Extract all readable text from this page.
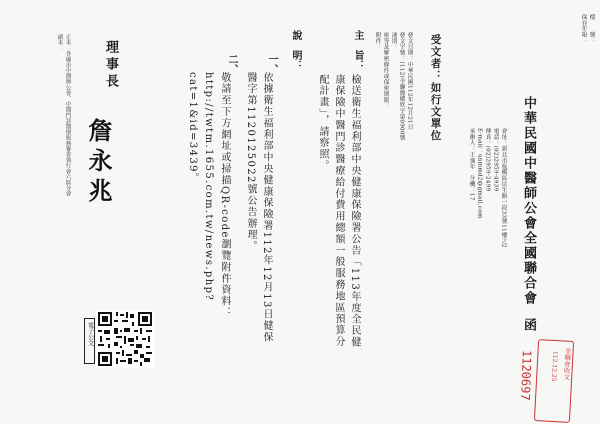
檔　　號：
保存年限：
全聯會收文
112.12.25
1120697
中華民國中醫師公會全國聯合會
函
會址：新北市板橋區民生路一段33號11樓之2
電話：(02)2959-4939
傳真：(02)2959-2499
E-mail：unmmd2@gmail.com
承辦人：王逸年　分機：17
受文者：如行文單位
發文日期：中華民國112年12月21日
發文字號：(112)全聯醫總欣字第0900號
速別：
密等及解密條件或保密期限：
附件：
主　旨：
檢送衛生福利部中央健康保險署公告「113年度全民健康保險中醫門診醫療給付費用總額一般服務地區預算分配計畫」，請察照。
說　明：
一、
依據衛生福利部中央健康保險署112年12月13日健保醫字第1120125022號公告辦理。
二、
敬請至下方網址或掃描QR-code瀏覽附件資料：http://twtm.1655.com.tw/news.php?cat=1&id=3439。
電子公文
理事長
詹永兆
正本：各縣市中醫師公會、中醫門診醫療服務審查執行會六區分會
副本：
